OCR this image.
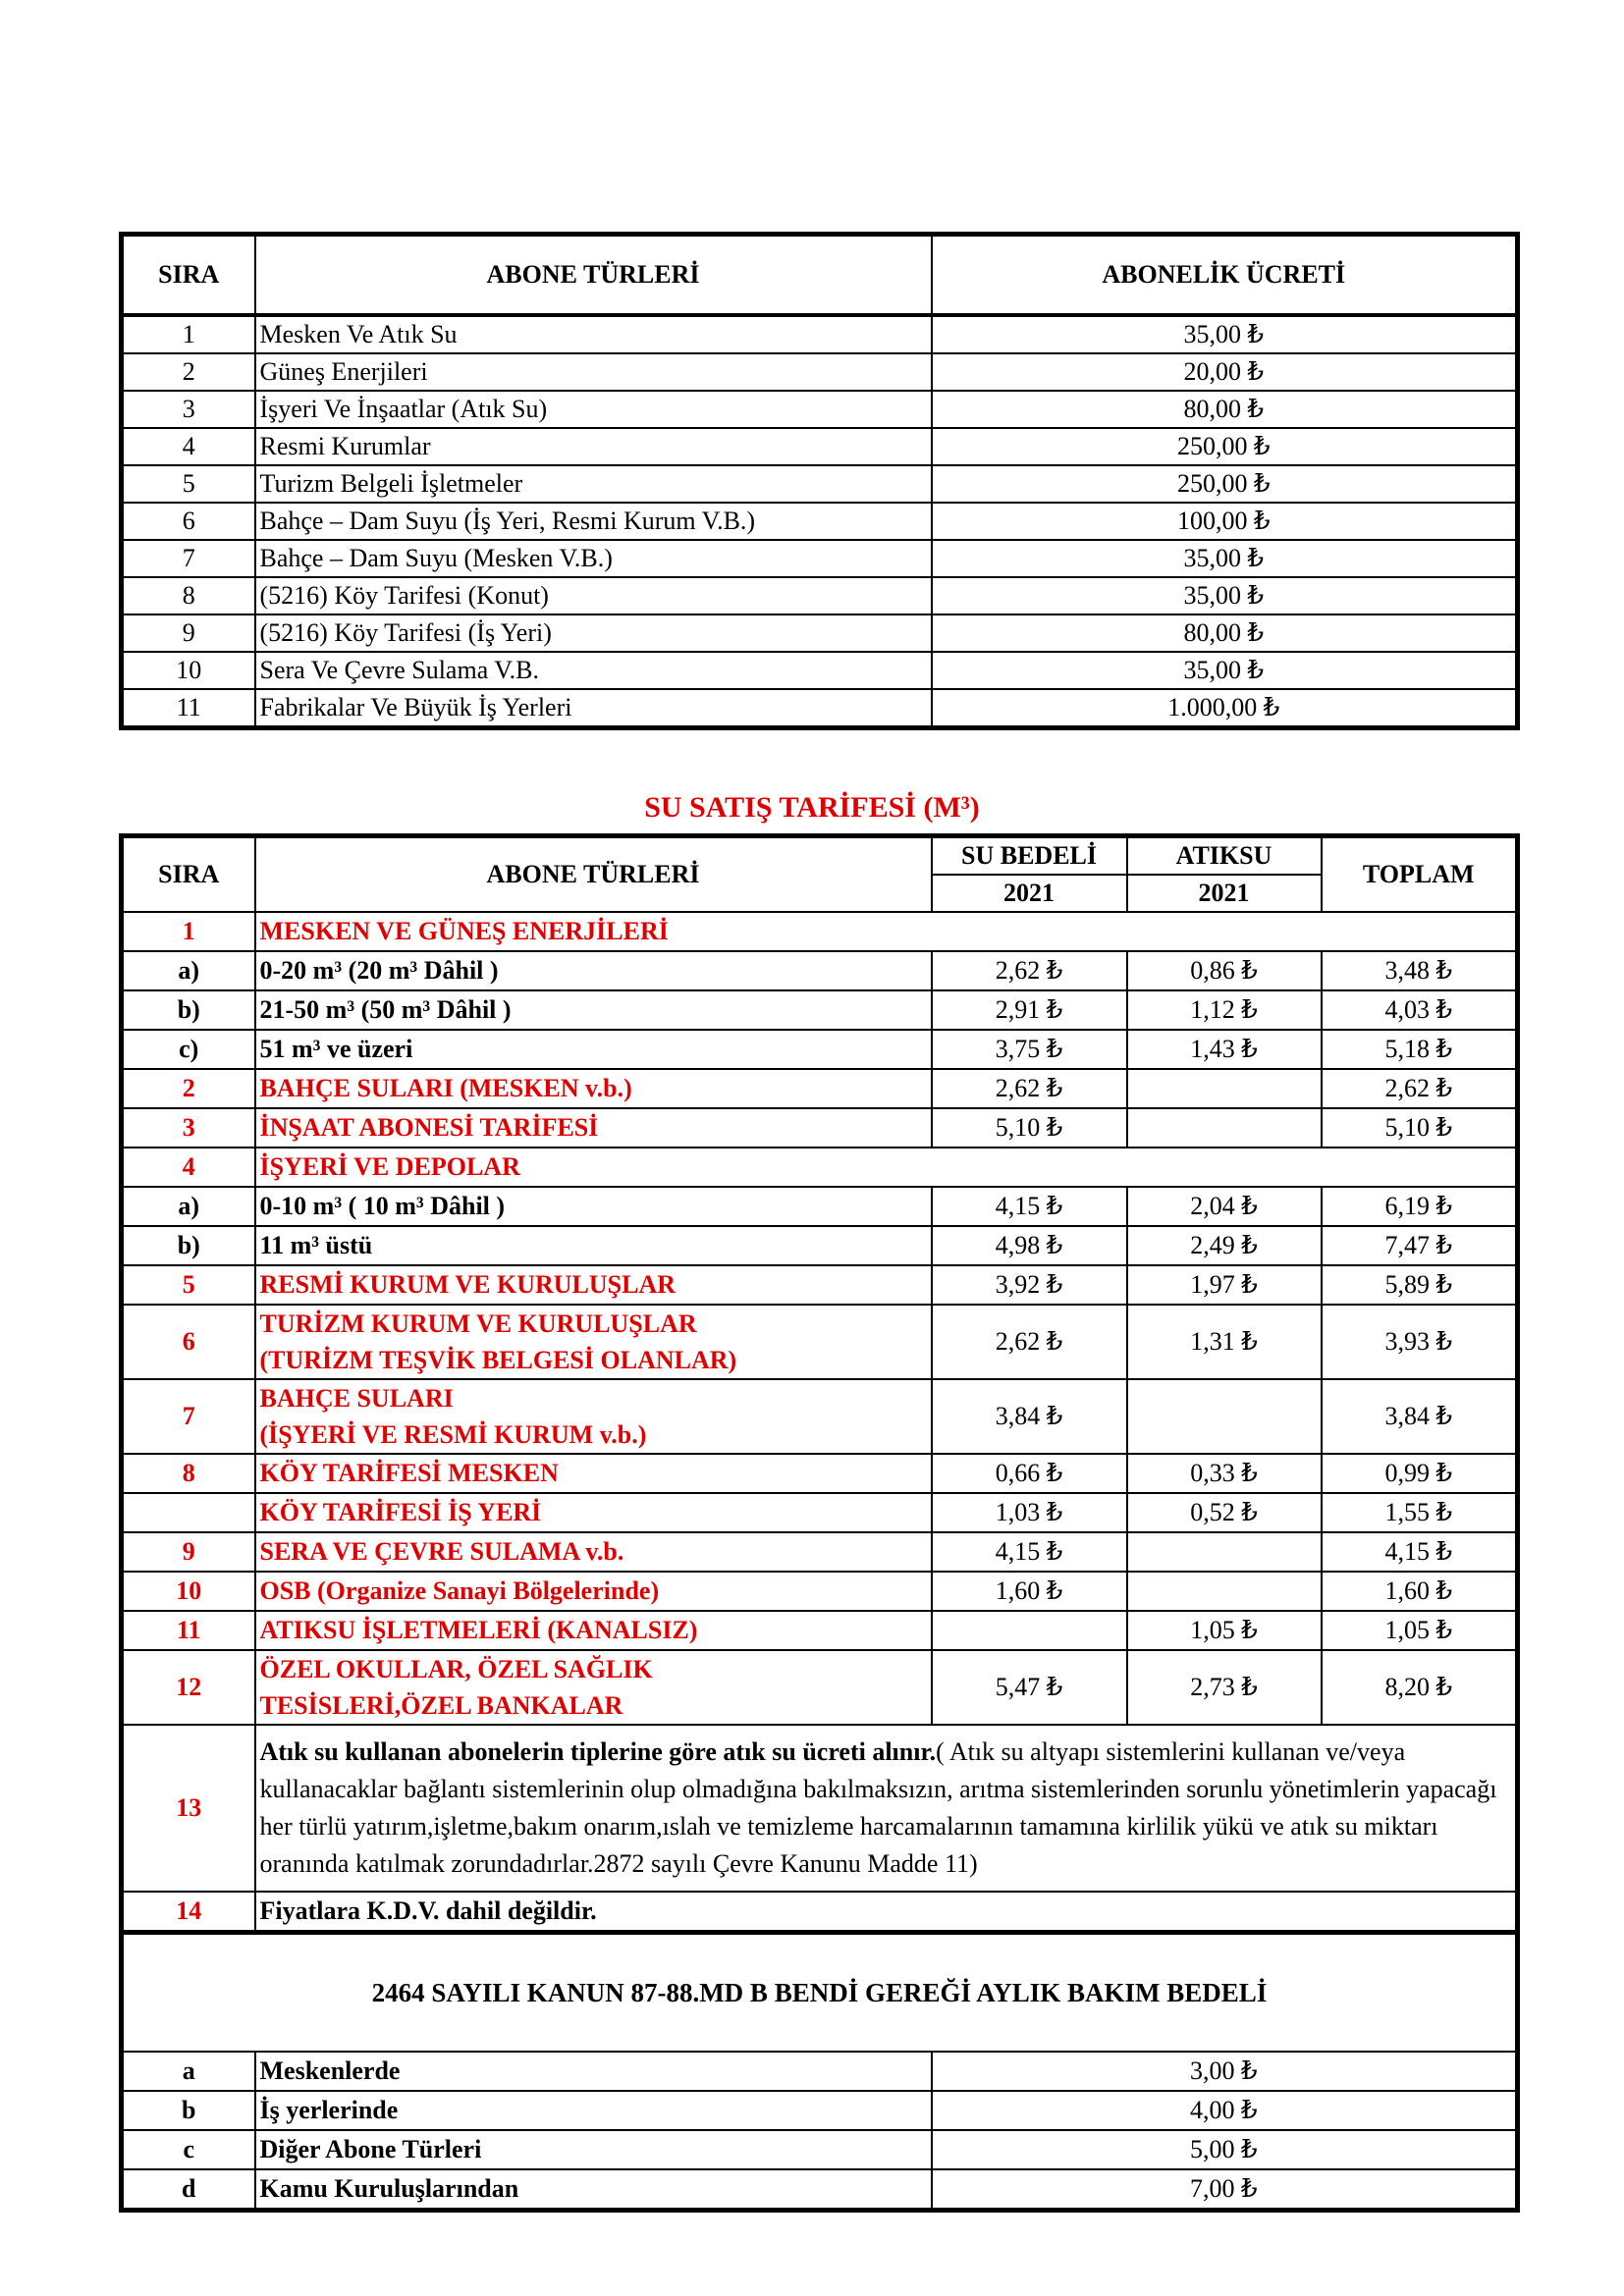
SIRA	ABONE TÜRLERİ	ABONELİK ÜCRETİ
1	Mesken Ve Atık Su	35,00 ₺
2	Güneş Enerjileri	20,00 ₺
3	İşyeri Ve İnşaatlar (Atık Su)	80,00 ₺
4	Resmi Kurumlar	250,00 ₺
5	Turizm Belgeli İşletmeler	250,00 ₺
6	Bahçe – Dam Suyu (İş Yeri, Resmi Kurum V.B.)	100,00 ₺
7	Bahçe – Dam Suyu (Mesken V.B.)	35,00 ₺
8	(5216) Köy Tarifesi (Konut)	35,00 ₺
9	(5216) Köy Tarifesi (İş Yeri)	80,00 ₺
10	Sera Ve Çevre Sulama V.B.	35,00 ₺
11	Fabrikalar Ve Büyük İş Yerleri	1.000,00 ₺
SU SATIŞ TARİFESİ (M³)
SIRA	ABONE TÜRLERİ	SU BEDELİ	ATIKSU	TOPLAM
		2021	2021	
1	MESKEN VE GÜNEŞ ENERJİLERİ			
a)	0-20 m³ (20 m³ Dâhil )	2,62 ₺	0,86 ₺	3,48 ₺
b)	21-50 m³ (50 m³ Dâhil )	2,91 ₺	1,12 ₺	4,03 ₺
c)	51 m³ ve üzeri	3,75 ₺	1,43 ₺	5,18 ₺
2	BAHÇE SULARI (MESKEN v.b.)	2,62 ₺		2,62 ₺
3	İNŞAAT ABONESİ TARİFESİ	5,10 ₺		5,10 ₺
4	İŞYERİ VE DEPOLAR			
a)	0-10 m³ ( 10 m³ Dâhil )	4,15 ₺	2,04 ₺	6,19 ₺
b)	11 m³ üstü	4,98 ₺	2,49 ₺	7,47 ₺
5	RESMİ KURUM VE KURULUŞLAR	3,92 ₺	1,97 ₺	5,89 ₺
6	TURİZM KURUM VE KURULUŞLAR
(TURİZM TEŞVİK BELGESİ OLANLAR)	2,62 ₺	1,31 ₺	3,93 ₺
7	BAHÇE SULARI
(İŞYERİ VE RESMİ KURUM v.b.)	3,84 ₺		3,84 ₺
8	KÖY TARİFESİ MESKEN	0,66 ₺	0,33 ₺	0,99 ₺
	KÖY TARİFESİ İŞ YERİ	1,03 ₺	0,52 ₺	1,55 ₺
9	SERA VE ÇEVRE SULAMA v.b.	4,15 ₺		4,15 ₺
10	OSB (Organize Sanayi Bölgelerinde)	1,60 ₺		1,60 ₺
11	ATIKSU İŞLETMELERİ (KANALSIZ)		1,05 ₺	1,05 ₺
12	ÖZEL OKULLAR, ÖZEL SAĞLIK
TESİSLERİ,ÖZEL BANKALAR	5,47 ₺	2,73 ₺	8,20 ₺
13	Atık su kullanan abonelerin tiplerine göre atık su ücreti alınır.( Atık su altyapı sistemlerini kullanan ve/veya kullanacaklar bağlantı sistemlerinin olup olmadığına bakılmaksızın, arıtma sistemlerinden sorunlu yönetimlerin yapacağı her türlü yatırım,işletme,bakım onarım,ıslah ve temizleme harcamalarının tamamına kirlilik yükü ve atık su miktarı oranında katılmak zorundadırlar.2872 sayılı Çevre Kanunu Madde 11)			
14	Fiyatlara K.D.V. dahil değildir.			
2464 SAYILI KANUN 87-88.MD B BENDİ GEREĞİ AYLIK BAKIM BEDELİ				
a	Meskenlerde	3,00 ₺		
b	İş yerlerinde	4,00 ₺		
c	Diğer Abone Türleri	5,00 ₺		
d	Kamu Kuruluşlarından	7,00 ₺		
